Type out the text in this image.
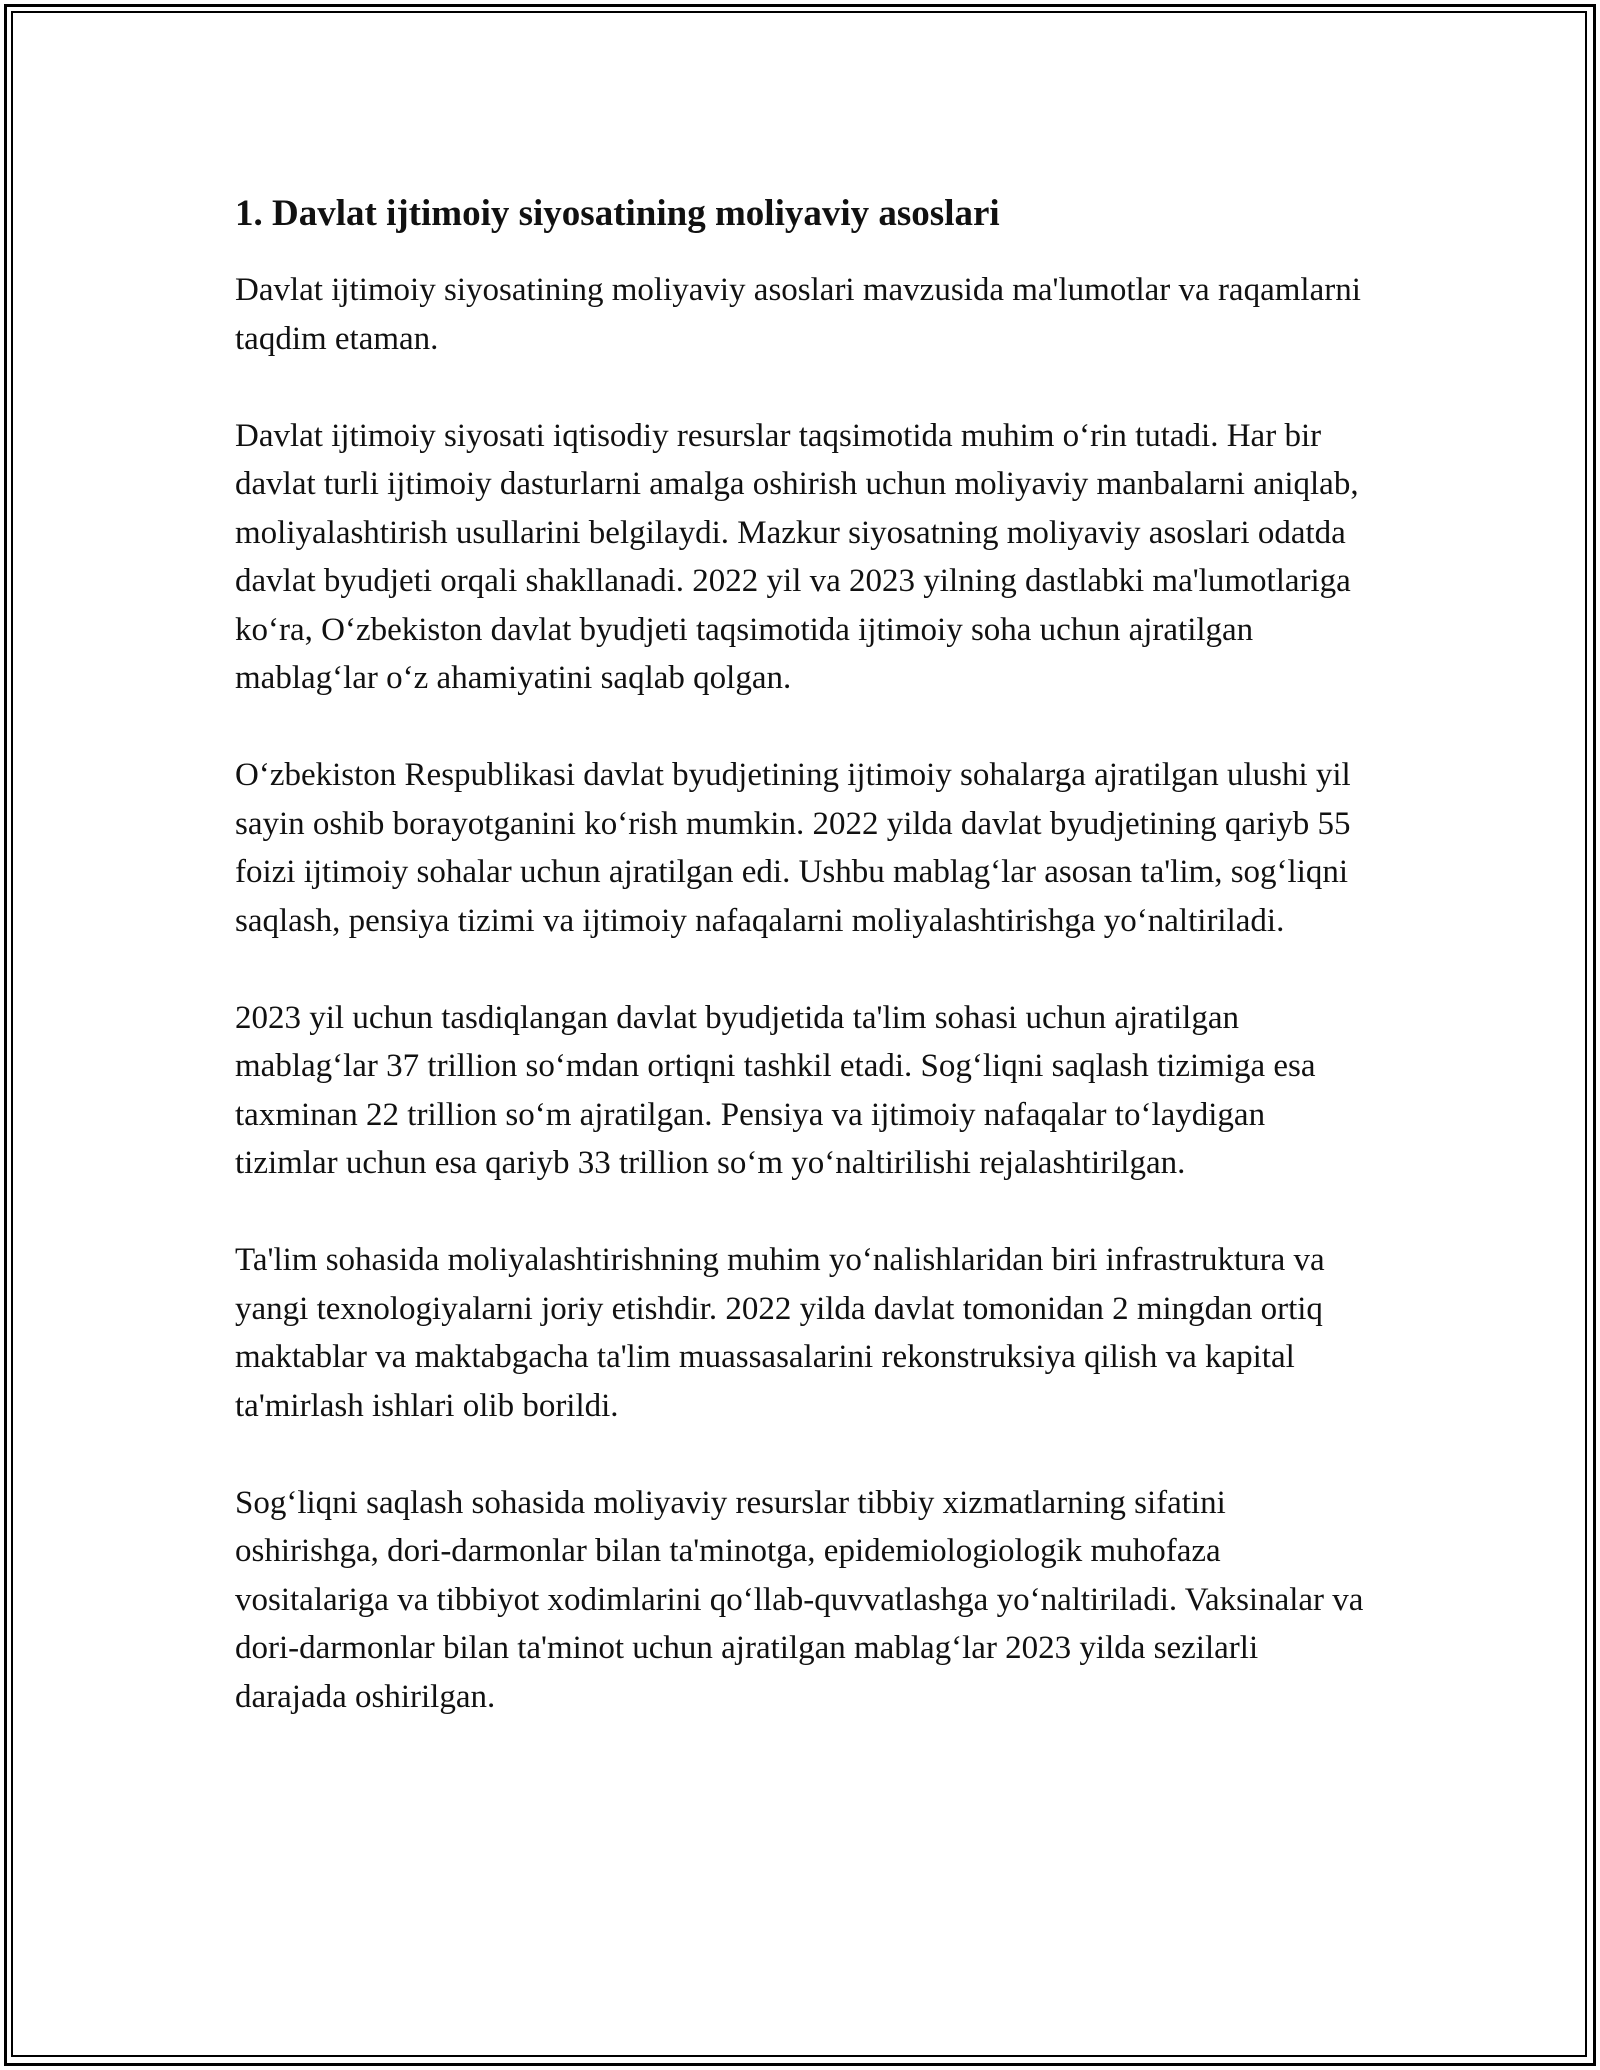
1. Davlat ijtimoiy siyosatining moliyaviy asoslari

Davlat ijtimoiy siyosatining moliyaviy asoslari mavzusida ma'lumotlar va raqamlarni taqdim etaman.

Davlat ijtimoiy siyosati iqtisodiy resurslar taqsimotida muhim o‘rin tutadi. Har bir davlat turli ijtimoiy dasturlarni amalga oshirish uchun moliyaviy manbalarni aniqlab, moliyalashtirish usullarini belgilaydi. Mazkur siyosatning moliyaviy asoslari odatda davlat byudjeti orqali shakllanadi. 2022 yil va 2023 yilning dastlabki ma'lumotlariga ko‘ra, O‘zbekiston davlat byudjeti taqsimotida ijtimoiy soha uchun ajratilgan mablag‘lar o‘z ahamiyatini saqlab qolgan.

O‘zbekiston Respublikasi davlat byudjetining ijtimoiy sohalarga ajratilgan ulushi yil sayin oshib borayotganini ko‘rish mumkin. 2022 yilda davlat byudjetining qariyb 55 foizi ijtimoiy sohalar uchun ajratilgan edi. Ushbu mablag‘lar asosan ta'lim, sog‘liqni saqlash, pensiya tizimi va ijtimoiy nafaqalarni moliyalashtirishga yo‘naltiriladi.

2023 yil uchun tasdiqlangan davlat byudjetida ta'lim sohasi uchun ajratilgan mablag‘lar 37 trillion so‘mdan ortiqni tashkil etadi. Sog‘liqni saqlash tizimiga esa taxminan 22 trillion so‘m ajratilgan. Pensiya va ijtimoiy nafaqalar to‘laydigan tizimlar uchun esa qariyb 33 trillion so‘m yo‘naltirilishi rejalashtirilgan.

Ta'lim sohasida moliyalashtirishning muhim yo‘nalishlaridan biri infrastruktura va yangi texnologiyalarni joriy etishdir. 2022 yilda davlat tomonidan 2 mingdan ortiq maktablar va maktabgacha ta'lim muassasalarini rekonstruksiya qilish va kapital ta'mirlash ishlari olib borildi.

Sog‘liqni saqlash sohasida moliyaviy resurslar tibbiy xizmatlarning sifatini oshirishga, dori-darmonlar bilan ta'minotga, epidemiologiologik muhofaza vositalariga va tibbiyot xodimlarini qo‘llab-quvvatlashga yo‘naltiriladi. Vaksinalar va dori-darmonlar bilan ta'minot uchun ajratilgan mablag‘lar 2023 yilda sezilarli darajada oshirilgan.
